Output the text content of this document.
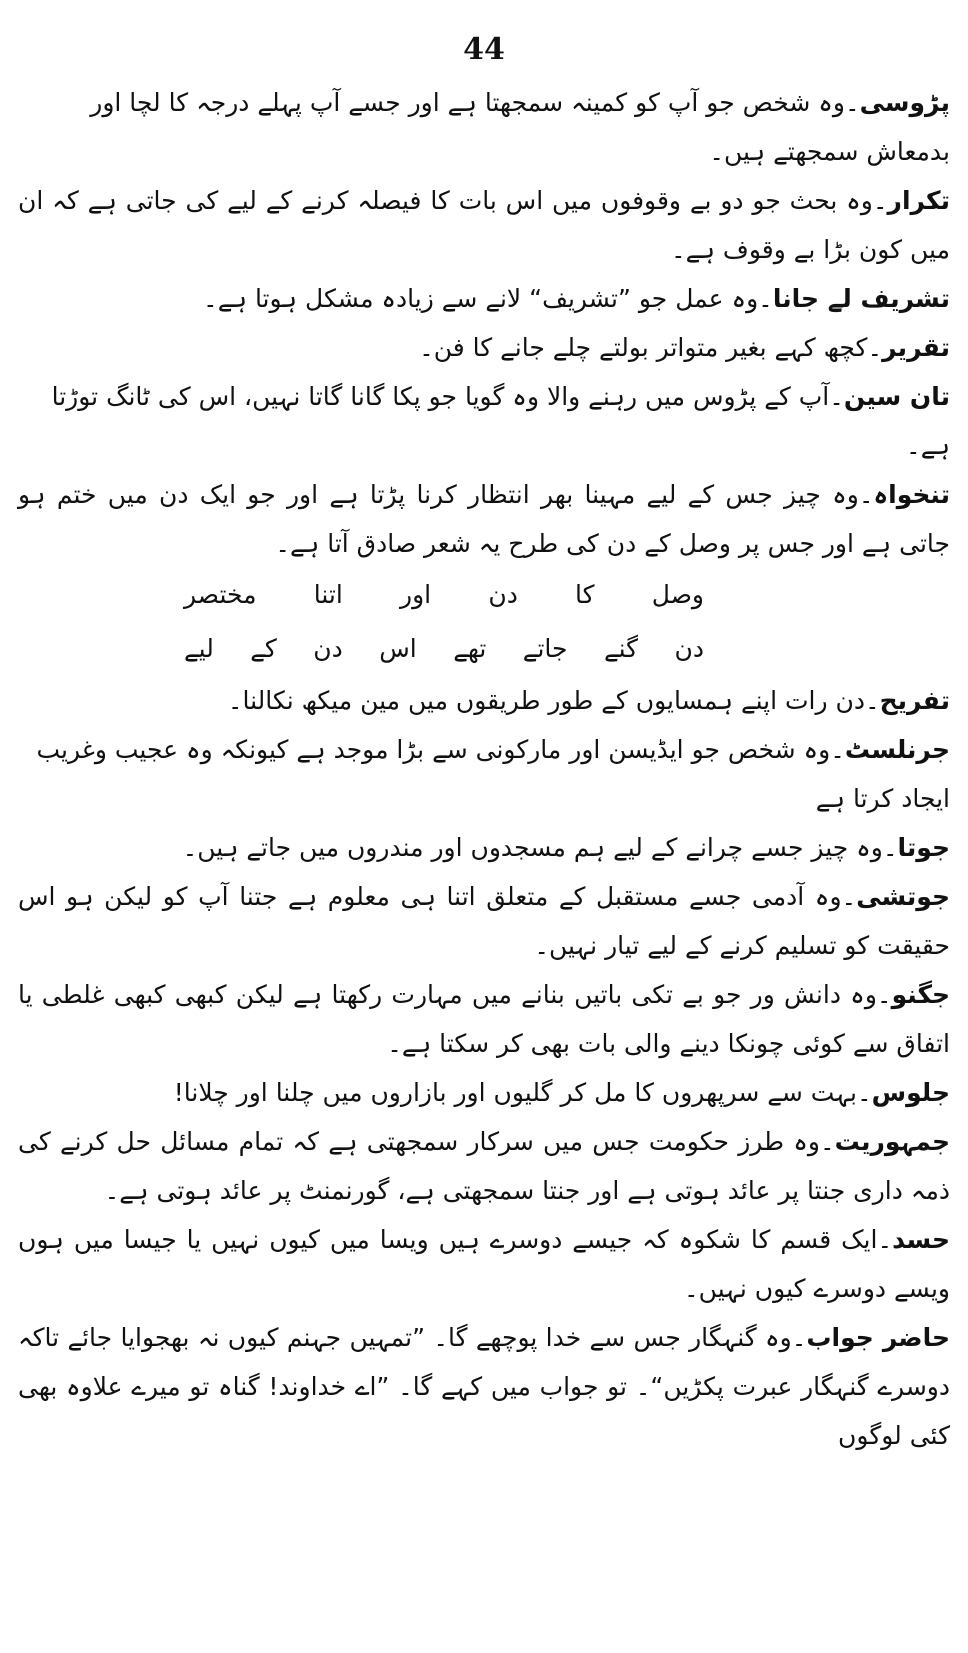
44

پڑوسی۔وہ شخص جو آپ کو کمینہ سمجھتا ہے اور جسے آپ پہلے درجہ کا لچا اور بدمعاش سمجھتے ہیں۔

تکرار۔وہ بحث جو دو بے وقوفوں میں اس بات کا فیصلہ کرنے کے لیے کی جاتی ہے کہ ان میں کون بڑا بے وقوف ہے۔

تشریف لے جانا۔وہ عمل جو ”تشریف“ لانے سے زیادہ مشکل ہوتا ہے۔

تقریر۔کچھ کہے بغیر متواتر بولتے چلے جانے کا فن۔

تان سین۔آپ کے پڑوس میں رہنے والا وہ گویا جو پکا گانا گاتا نہیں، اس کی ٹانگ توڑتا ہے۔

تنخواہ۔وہ چیز جس کے لیے مہینا بھر انتظار کرنا پڑتا ہے اور جو ایک دن میں ختم ہو جاتی ہے اور جس پر وصل کے دن کی طرح یہ شعر صادق آتا ہے۔

وصل کا دن اور اتنا مختصر
دن گنے جاتے تھے اس دن کے لیے

تفریح۔دن رات اپنے ہمسایوں کے طور طریقوں میں مین میکھ نکالنا۔

جرنلسٹ۔وہ شخص جو ایڈیسن اور مارکونی سے بڑا موجد ہے کیونکہ وہ عجیب وغریب ایجاد کرتا ہے

جوتا۔وہ چیز جسے چرانے کے لیے ہم مسجدوں اور مندروں میں جاتے ہیں۔

جوتشی۔وہ آدمی جسے مستقبل کے متعلق اتنا ہی معلوم ہے جتنا آپ کو لیکن ہو اس حقیقت کو تسلیم کرنے کے لیے تیار نہیں۔

جگنو۔وہ دانش ور جو بے تکی باتیں بنانے میں مہارت رکھتا ہے لیکن کبھی کبھی غلطی یا اتفاق سے کوئی چونکا دینے والی بات بھی کر سکتا ہے۔

جلوس۔بہت سے سرپھروں کا مل کر گلیوں اور بازاروں میں چلنا اور چلانا!

جمہوریت۔وہ طرز حکومت جس میں سرکار سمجھتی ہے کہ تمام مسائل حل کرنے کی ذمہ داری جنتا پر عائد ہوتی ہے اور جنتا سمجھتی ہے، گورنمنٹ پر عائد ہوتی ہے۔

حسد۔ایک قسم کا شکوہ کہ جیسے دوسرے ہیں ویسا میں کیوں نہیں یا جیسا میں ہوں ویسے دوسرے کیوں نہیں۔

حاضر جواب۔وہ گنہگار جس سے خدا پوچھے گا۔ ”تمہیں جہنم کیوں نہ بھجوایا جائے تاکہ دوسرے گنہگار عبرت پکڑیں“۔ تو جواب میں کہے گا۔ ”اے خداوند! گناہ تو میرے علاوہ بھی کئی لوگوں
